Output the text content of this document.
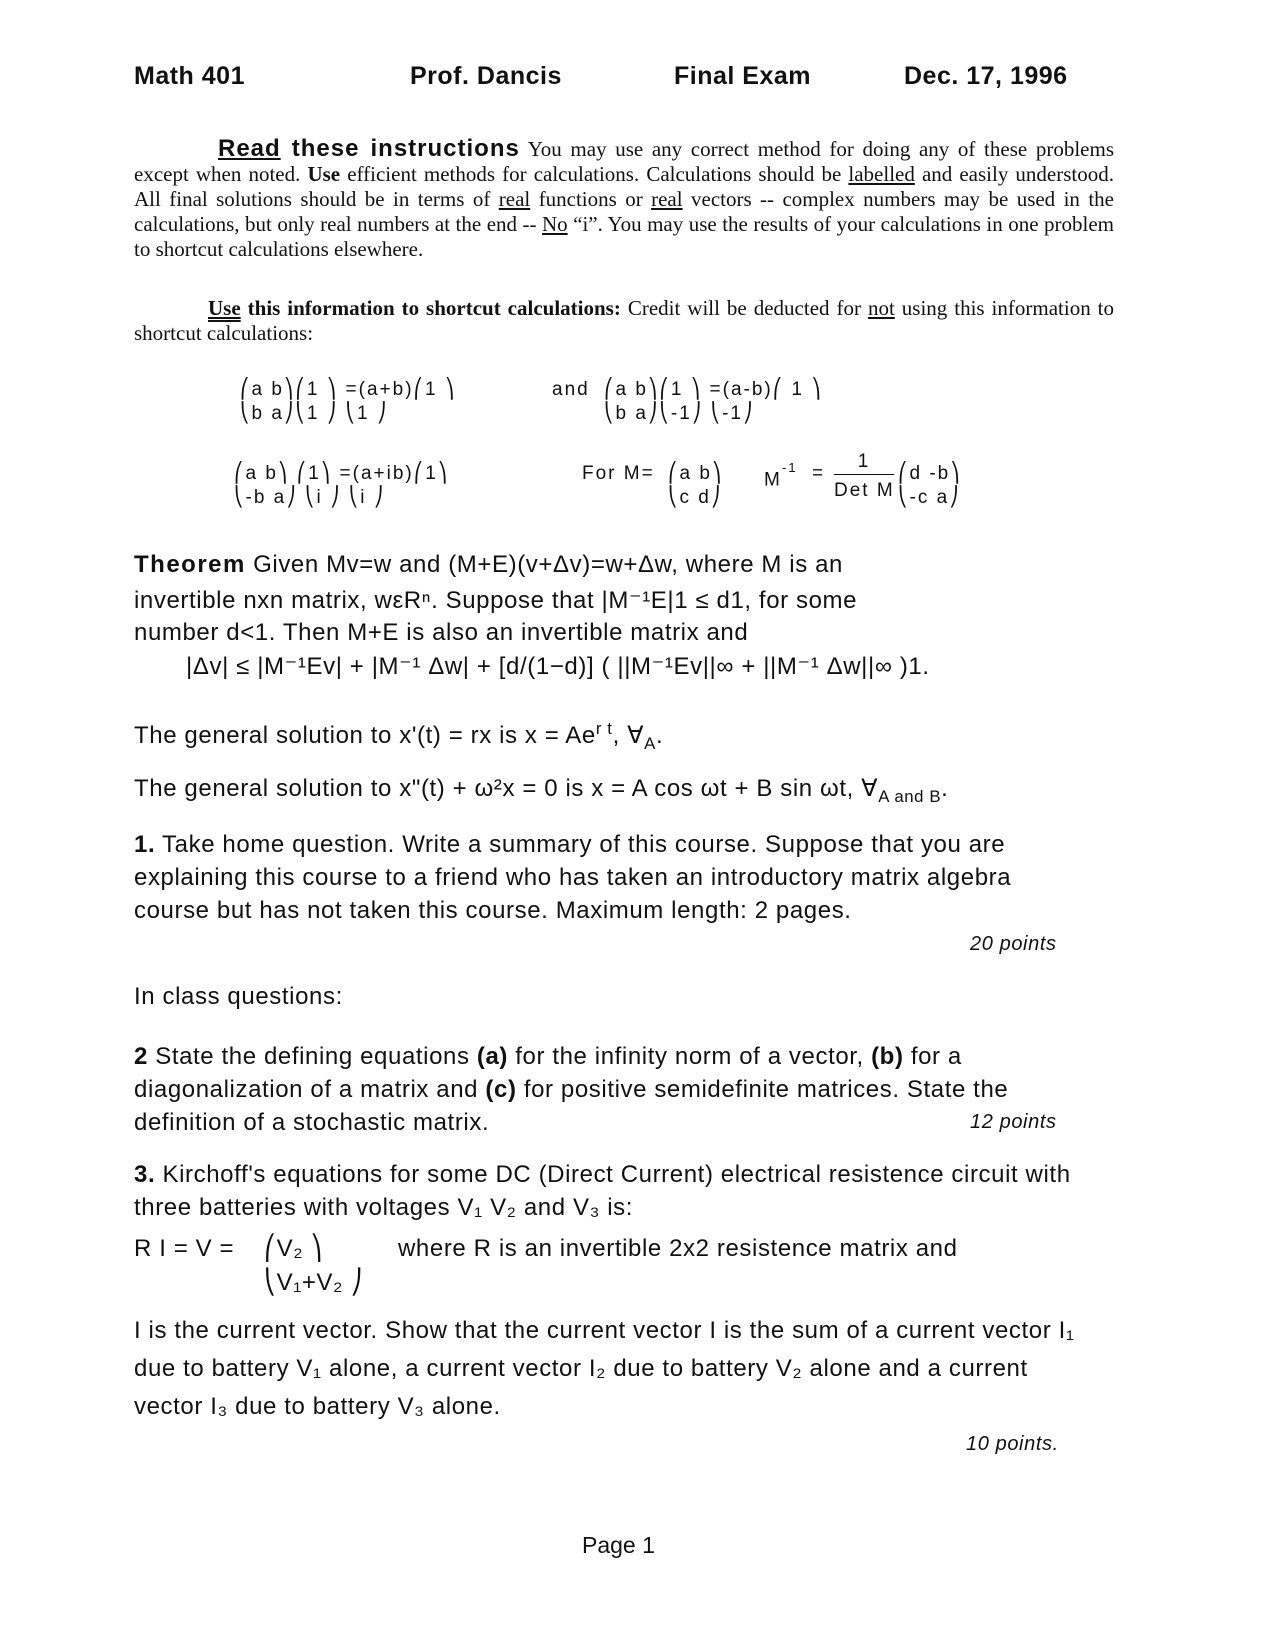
Math 401	Prof. Dancis	Final Exam	Dec. 17, 1996
Read these instructions You may use any correct method for doing any of these problems except when noted. Use efficient methods for calculations. Calculations should be labelled and easily understood. All final solutions should be in terms of real functions or real vectors -- complex numbers may be used in the calculations, but only real numbers at the end -- No “i”. You may use the results of your calculations in one problem to shortcut calculations elsewhere.
Use this information to shortcut calculations: Credit will be deducted for not using this information to shortcut calculations:
⎛a b⎞⎛1 ⎞ =(a+b)⎛1 ⎞
⎝b a⎠⎝1 ⎠ ⎝1 ⎠
and ⎛a b⎞⎛1 ⎞ =(a-b)⎛ 1 ⎞
⎝b a⎠⎝-1⎠ ⎝-1⎠
⎛a b⎞ ⎛1⎞ =(a+ib)⎛1⎞
⎝-b a⎠ ⎝i ⎠ ⎝i ⎠
For M= ⎛a b⎞
⎝c d⎠
$M^{-1}$ =
1
Det M
⎛d -b⎞
⎝-c a⎠
Theorem Given Mv=w and (M+E)(v+Δv)=w+Δw, where M is an
invertible nxn matrix, wεRⁿ. Suppose that |M⁻¹E|1 ≤ d1, for some
number d<1. Then M+E is also an invertible matrix and
|Δv| ≤ |M⁻¹Ev| + |M⁻¹ Δw| + [d/(1−d)] ( ||M⁻¹Ev||∞ + ||M⁻¹ Δw||∞ )1.
The general solution to x'(t) = rx is $x = Ae^{r t}$, $\forall_A$.
The general solution to x"(t) + ω²x = 0 is x = A cos ωt + B sin ωt, $\forall_{A and B}$.
1. Take home question. Write a summary of this course. Suppose that you are explaining this course to a friend who has taken an introductory matrix algebra course but has not taken this course. Maximum length: 2 pages.
20 points
In class questions:
2 State the defining equations (a) for the infinity norm of a vector, (b) for a diagonalization of a matrix and (c) for positive semidefinite matrices. State the definition of a stochastic matrix.	12 points
3. Kirchoff's equations for some DC (Direct Current) electrical resistence circuit with three batteries with voltages V₁ V₂ and V₃ is:
R I = V = ⎛V₂ ⎞
⎝V₁+V₂ ⎠
where R is an invertible 2x2 resistence matrix and
I is the current vector. Show that the current vector I is the sum of a current vector I₁ due to battery V₁ alone, a current vector I₂ due to battery V₂ alone and a current vector I₃ due to battery V₃ alone.
10 points.
Page 1
